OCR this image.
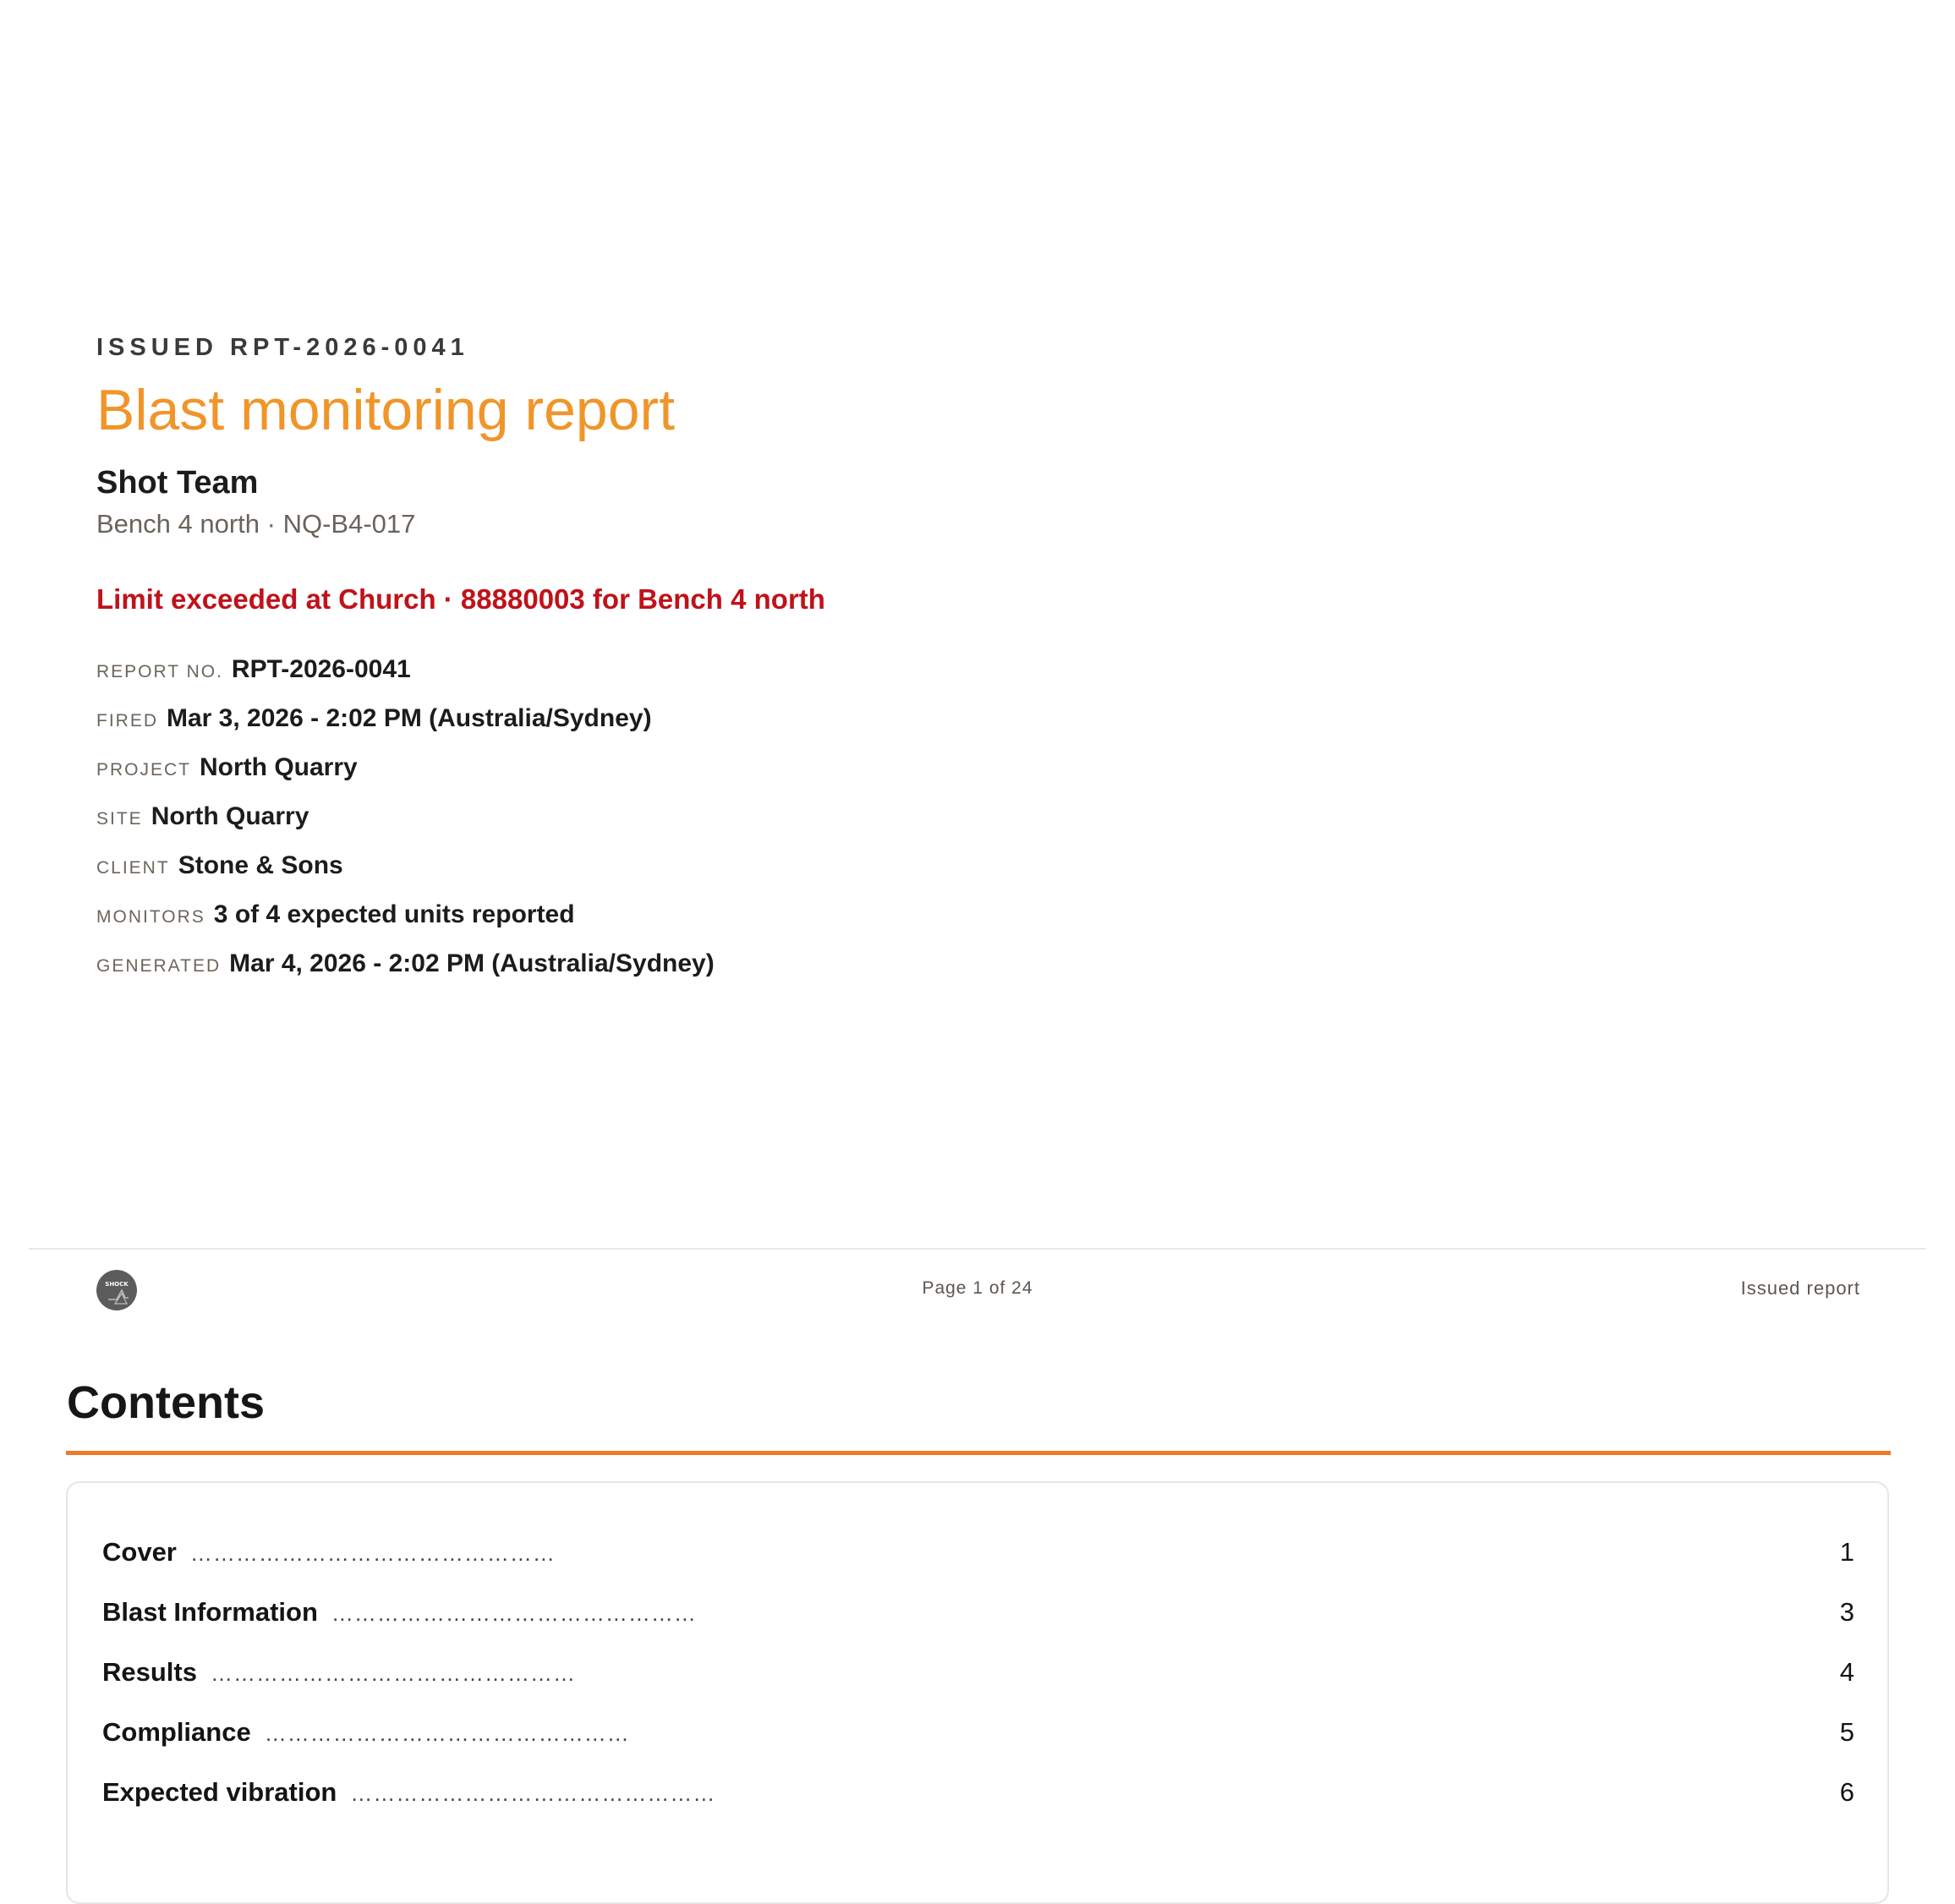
ISSUED RPT-2026-0041
Blast monitoring report
Shot Team
Bench 4 north · NQ-B4-017
Limit exceeded at Church · 88880003 for Bench 4 north
REPORT NO. RPT-2026-0041
FIRED Mar 3, 2026 - 2:02 PM (Australia/Sydney)
PROJECT North Quarry
SITE North Quarry
CLIENT Stone & Sons
MONITORS 3 of 4 expected units reported
GENERATED Mar 4, 2026 - 2:02 PM (Australia/Sydney)
SHOCK	Page 1 of 24	Issued report
Contents
Cover …………………………………………	1
Blast Information …………………………………………	3
Results …………………………………………	4
Compliance …………………………………………	5
Expected vibration …………………………………………	6
